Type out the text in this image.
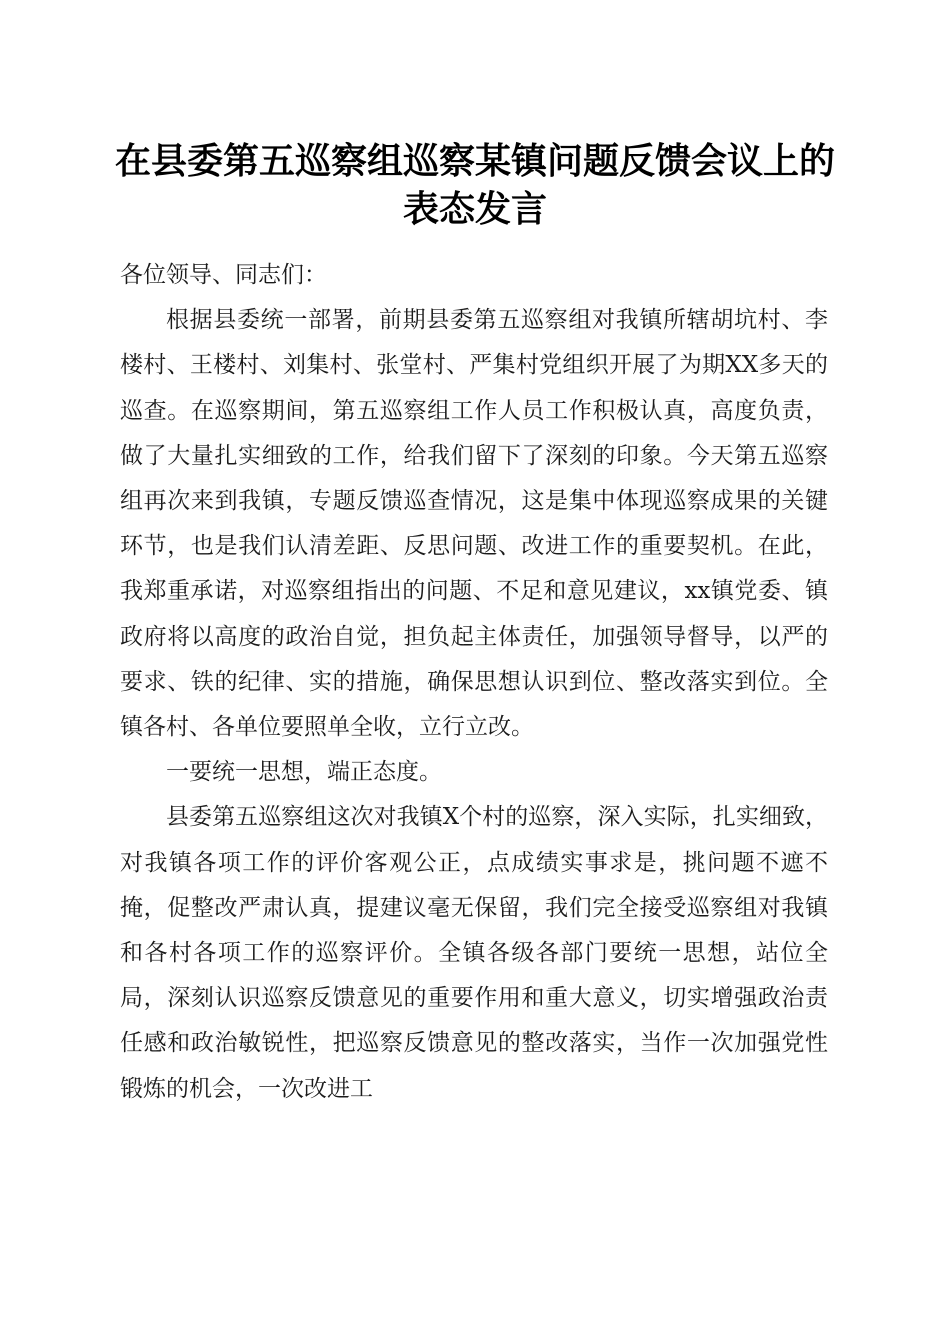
在县委第五巡察组巡察某镇问题反馈会议上的表态发言

各位领导、同志们：

根据县委统一部署，前期县委第五巡察组对我镇所辖胡坑村、李楼村、王楼村、刘集村、张堂村、严集村党组织开展了为期XX多天的巡查。在巡察期间，第五巡察组工作人员工作积极认真，高度负责，做了大量扎实细致的工作，给我们留下了深刻的印象。今天第五巡察组再次来到我镇，专题反馈巡查情况，这是集中体现巡察成果的关键环节，也是我们认清差距、反思问题、改进工作的重要契机。在此，我郑重承诺，对巡察组指出的问题、不足和意见建议，xx镇党委、镇政府将以高度的政治自觉，担负起主体责任，加强领导督导，以严的要求、铁的纪律、实的措施，确保思想认识到位、整改落实到位。全镇各村、各单位要照单全收，立行立改。

一要统一思想，端正态度。

县委第五巡察组这次对我镇X个村的巡察，深入实际，扎实细致，对我镇各项工作的评价客观公正，点成绩实事求是，挑问题不遮不掩，促整改严肃认真，提建议毫无保留，我们完全接受巡察组对我镇和各村各项工作的巡察评价。全镇各级各部门要统一思想，站位全局，深刻认识巡察反馈意见的重要作用和重大意义，切实增强政治责任感和政治敏锐性，把巡察反馈意见的整改落实，当作一次加强党性锻炼的机会，一次改进工
